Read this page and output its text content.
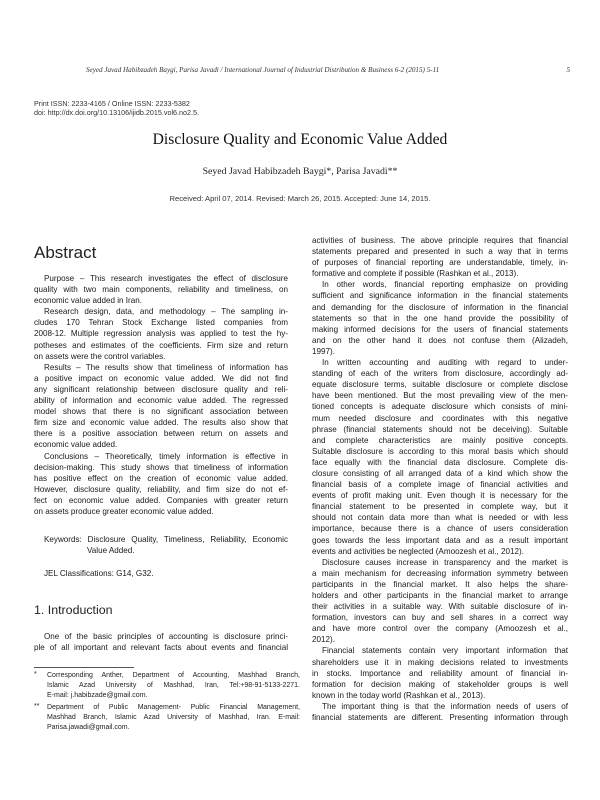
Seyed Javad Habibzadeh Baygi, Parisa Javadi / International Journal of Industrial Distribution & Business 6-2 (2015) 5-11	5
Print ISSN: 2233-4165 / Online ISSN: 2233-5382
doi: http://dx.doi.org/10.13106/ijidb.2015.vol6.no2.5.
Disclosure Quality and Economic Value Added
Seyed Javad Habibzadeh Baygi*, Parisa Javadi**
Received: April 07, 2014. Revised: March 26, 2015. Accepted: June 14, 2015.
Abstract
Purpose – This research investigates the effect of disclosure
quality with two main components, reliability and timeliness, on
economic value added in Iran.
Research design, data, and methodology – The sampling in-
cludes 170 Tehran Stock Exchange listed companies from
2008-12. Multiple regression analysis was applied to test the hy-
potheses and estimates of the coefficients. Firm size and return
on assets were the control variables.
Results – The results show that timeliness of information has
a positive impact on economic value added. We did not find
any significant relationship between disclosure quality and reli-
ability of information and economic value added. The regressed
model shows that there is no significant association between
firm size and economic value added. The results also show that
there is a positive association between return on assets and
economic value added.
Conclusions – Theoretically, timely information is effective in
decision-making. This study shows that timeliness of information
has positive effect on the creation of economic value added.
However, disclosure quality, reliability, and firm size do not ef-
fect on economic value added. Companies with greater return
on assets produce greater economic value added.
Keywords: Disclosure Quality, Timeliness, Reliability, Economic
Value Added.
JEL Classifications: G14, G32.
1. Introduction
One of the basic principles of accounting is disclosure princi-
ple of all important and relevant facts about events and financial
* Corresponding Anther, Department of Accounting, Mashhad Branch,
Islamic Azad University of Mashhad, Iran, Tel:+98-91-5133-2271.
E-mail: j.habibzade@gmail.com.
** Department of Public Management- Public Financial Management,
Mashhad Branch, Islamic Azad University of Mashhad, Iran. E-mail:
Parisa.jawadi@gmail.com.
activities of business. The above principle requires that financial
statements prepared and presented in such a way that in terms
of purposes of financial reporting are understandable, timely, in-
formative and complete if possible (Rashkan et al., 2013).
In other words, financial reporting emphasize on providing
sufficient and significance information in the financial statements
and demanding for the disclosure of information in the financial
statements so that in the one hand provide the possibility of
making informed decisions for the users of financial statements
and on the other hand it does not confuse them (Alizadeh,
1997).
In written accounting and auditing with regard to under-
standing of each of the writers from disclosure, accordingly ad-
equate disclosure terms, suitable disclosure or complete disclose
have been mentioned. But the most prevailing view of the men-
tioned concepts is adequate disclosure which consists of mini-
mum needed disclosure and coordinates with this negative
phrase (financial statements should not be deceiving). Suitable
and complete characteristics are mainly positive concepts.
Suitable disclosure is according to this moral basis which should
face equally with the financial data disclosure. Complete dis-
closure consisting of all arranged data of a kind which show the
financial basis of a complete image of financial activities and
events of profit making unit. Even though it is necessary for the
financial statement to be presented in complete way, but it
should not contain data more than what is needed or with less
importance, because there is a chance of users consideration
goes towards the less important data and as a result important
events and activities be neglected (Amoozesh et al., 2012).
Disclosure causes increase in transparency and the market is
a main mechanism for decreasing information symmetry between
participants in the financial market. It also helps the share-
holders and other participants in the financial market to arrange
their activities in a suitable way. With suitable disclosure of in-
formation, investors can buy and sell shares in a correct way
and have more control over the company (Amoozesh et al.,
2012).
Financial statements contain very important information that
shareholders use it in making decisions related to investments
in stocks. Importance and reliability amount of financial in-
formation for decision making of stakeholder groups is well
known in the today world (Rashkan et al., 2013).
The important thing is that the information needs of users of
financial statements are different. Presenting information through
